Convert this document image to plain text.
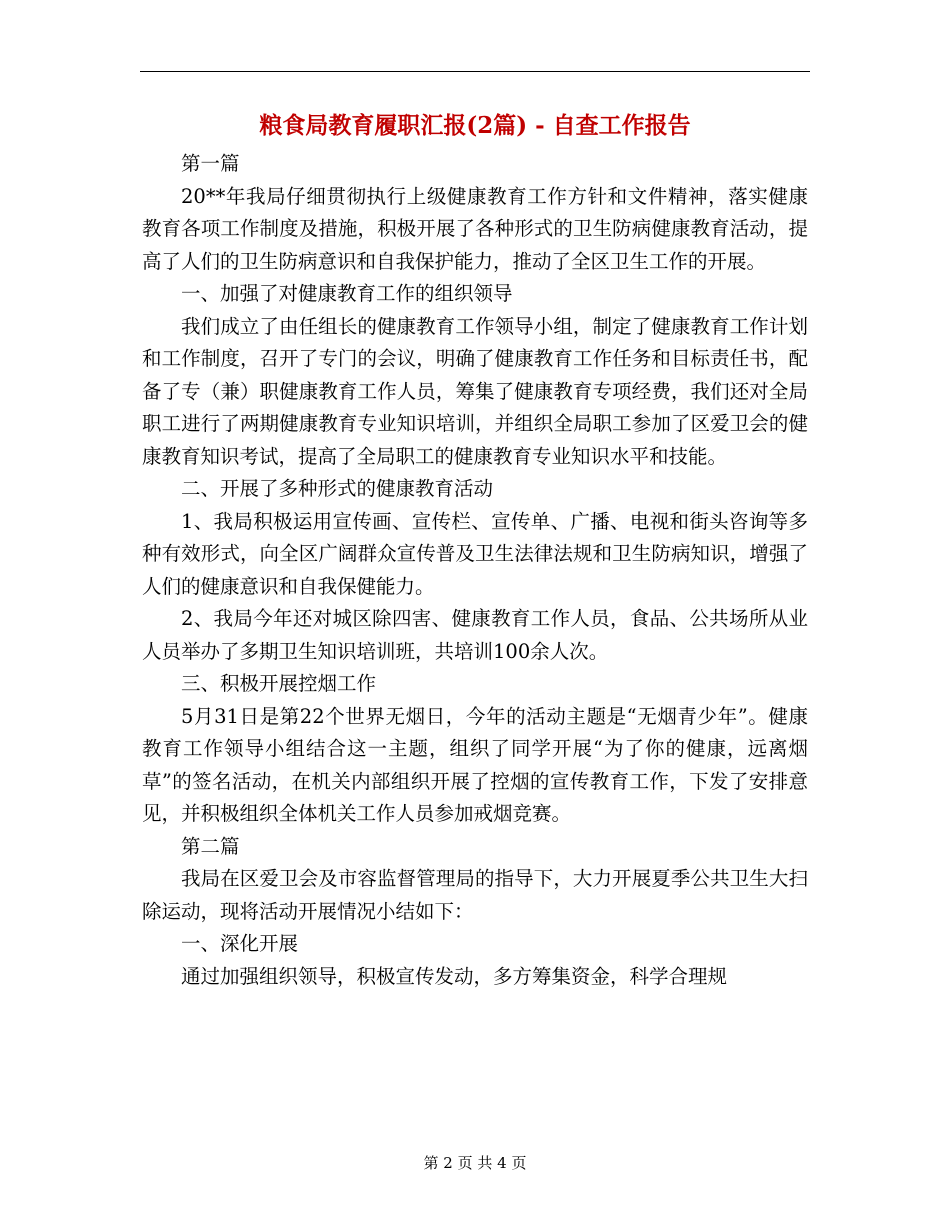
粮食局教育履职汇报(2篇) - 自查工作报告

第一篇

20**年我局仔细贯彻执行上级健康教育工作方针和文件精神，落实健康教育各项工作制度及措施，积极开展了各种形式的卫生防病健康教育活动，提高了人们的卫生防病意识和自我保护能力，推动了全区卫生工作的开展。

一、加强了对健康教育工作的组织领导

我们成立了由任组长的健康教育工作领导小组，制定了健康教育工作计划和工作制度，召开了专门的会议，明确了健康教育工作任务和目标责任书，配备了专（兼）职健康教育工作人员，筹集了健康教育专项经费，我们还对全局职工进行了两期健康教育专业知识培训，并组织全局职工参加了区爱卫会的健康教育知识考试，提高了全局职工的健康教育专业知识水平和技能。

二、开展了多种形式的健康教育活动

1、我局积极运用宣传画、宣传栏、宣传单、广播、电视和街头咨询等多种有效形式，向全区广阔群众宣传普及卫生法律法规和卫生防病知识，增强了人们的健康意识和自我保健能力。

2、我局今年还对城区除四害、健康教育工作人员，食品、公共场所从业人员举办了多期卫生知识培训班，共培训100余人次。

三、积极开展控烟工作

5月31日是第22个世界无烟日，今年的活动主题是“无烟青少年”。健康教育工作领导小组结合这一主题，组织了同学开展“为了你的健康，远离烟草”的签名活动，在机关内部组织开展了控烟的宣传教育工作，下发了安排意见，并积极组织全体机关工作人员参加戒烟竞赛。

第二篇

我局在区爱卫会及市容监督管理局的指导下，大力开展夏季公共卫生大扫除运动，现将活动开展情况小结如下：

一、深化开展

通过加强组织领导，积极宣传发动，多方筹集资金，科学合理规

第 2 页 共 4 页
